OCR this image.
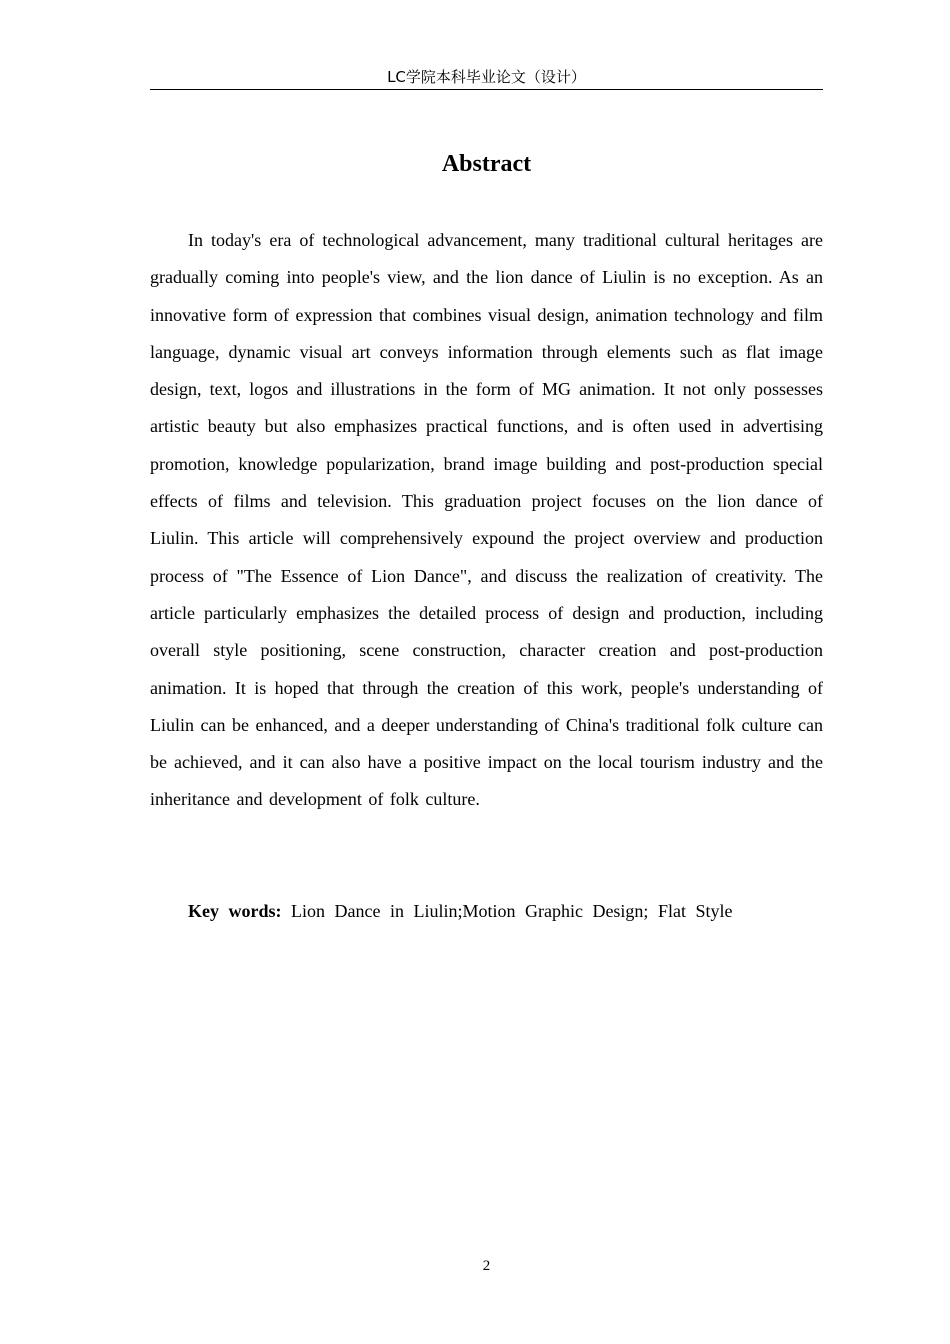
LC学院本科毕业论文（设计）
Abstract

In today's era of technological advancement, many traditional cultural heritages are gradually coming into people's view, and the lion dance of Liulin is no exception. As an innovative form of expression that combines visual design, animation technology and film language, dynamic visual art conveys information through elements such as flat image design, text, logos and illustrations in the form of MG animation. It not only possesses artistic beauty but also emphasizes practical functions, and is often used in advertising promotion, knowledge popularization, brand image building and post-production special effects of films and television. This graduation project focuses on the lion dance of Liulin. This article will comprehensively expound the project overview and production process of "The Essence of Lion Dance", and discuss the realization of creativity. The article particularly emphasizes the detailed process of design and production, including overall style positioning, scene construction, character creation and post-production animation. It is hoped that through the creation of this work, people's understanding of Liulin can be enhanced, and a deeper understanding of China's traditional folk culture can be achieved, and it can also have a positive impact on the local tourism industry and the inheritance and development of folk culture.

Key words: Lion Dance in Liulin;Motion Graphic Design; Flat Style

2
